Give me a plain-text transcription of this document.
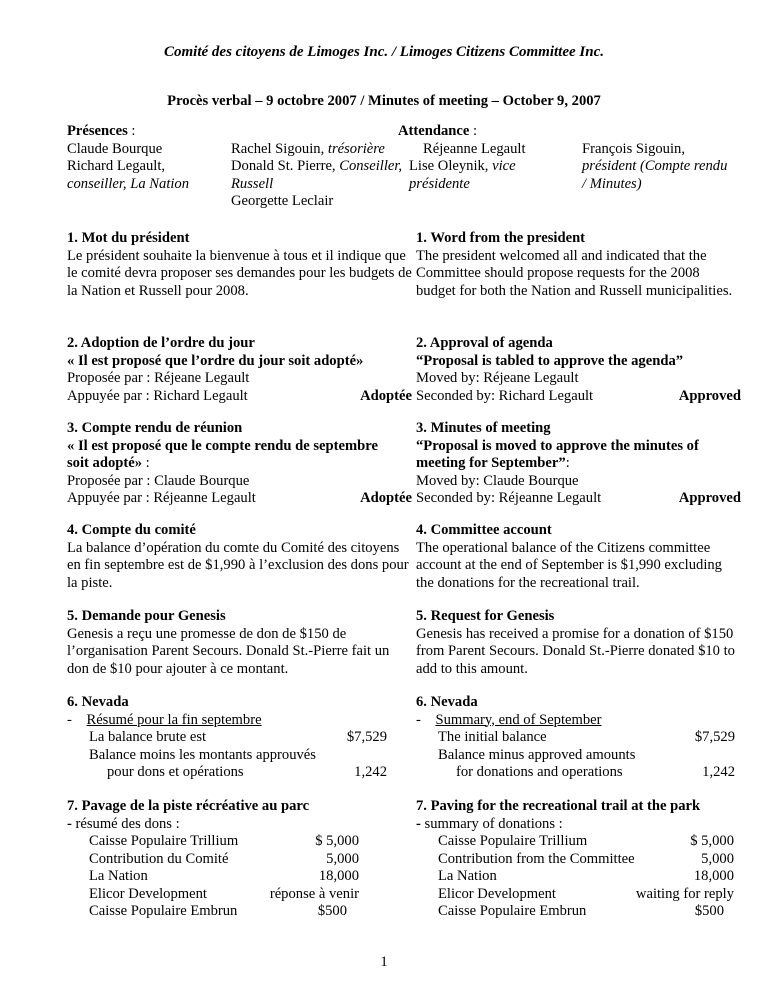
Comité des citoyens de Limoges Inc. / Limoges Citizens Committee Inc.
Procès verbal – 9 octobre 2007 / Minutes of meeting – October 9, 2007
Présences :
Claude Bourque
Richard Legault,
conseiller, La Nation
Attendance :
Rachel Sigouin, trésorière
Donald St. Pierre, Conseiller,
Russell
Georgette Leclair
Réjeanne Legault
Lise Oleynik, vice
présidente
François Sigouin,
président (Compte rendu
/ Minutes)
1. Mot du président
Le président souhaite la bienvenue à tous et il indique que le comité devra proposer ses demandes pour les budgets de la Nation et Russell pour 2008.
1. Word from the president
The president welcomed all and indicated that the Committee should propose requests for the 2008 budget for both the Nation and Russell municipalities.
2. Adoption de l’ordre du jour
« Il est proposé que l’ordre du jour soit adopté»
Proposée par : Réjeane Legault
Appuyée par : Richard Legault	Adoptée
2. Approval of agenda
“Proposal is tabled to approve the agenda”
Moved by: Réjeane Legault
Seconded by: Richard Legault	Approved
3. Compte rendu de réunion
« Il est proposé que le compte rendu de septembre
soit adopté» :
Proposée par : Claude Bourque
Appuyée par : Réjeanne Legault	Adoptée
3. Minutes of meeting
“Proposal is moved to approve the minutes of
meeting for September”:
Moved by: Claude Bourque
Seconded by: Réjeanne Legault	Approved
4. Compte du comité
La balance d’opération du comte du Comité des citoyens en fin septembre est de $1,990 à l’exclusion des dons pour la piste.
4. Committee account
The operational balance of the Citizens committee account at the end of September is $1,990 excluding the donations for the recreational trail.
5. Demande pour Genesis
Genesis a reçu une promesse de don de $150 de l’organisation Parent Secours. Donald St.-Pierre fait un don de $10 pour ajouter à ce montant.
5. Request for Genesis
Genesis has received a promise for a donation of $150 from Parent Secours. Donald St.-Pierre donated $10 to add to this amount.
6. Nevada
-    Résumé pour la fin septembre
La balance brute est	$7,529
Balance moins les montants approuvés
pour dons et opérations	1,242
6. Nevada
-    Summary, end of September
The initial balance	$7,529
Balance minus approved amounts
for donations and operations	1,242
7. Pavage de la piste récréative au parc
- résumé des dons :
Caisse Populaire Trillium	$ 5,000
Contribution du Comité	5,000
La Nation	18,000
Elicor Development	réponse à venir
Caisse Populaire Embrun	$500
7. Paving for the recreational trail at the park
- summary of donations :
Caisse Populaire Trillium	$ 5,000
Contribution from the Committee	5,000
La Nation	18,000
Elicor Development	waiting for reply
Caisse Populaire Embrun	$500
1
